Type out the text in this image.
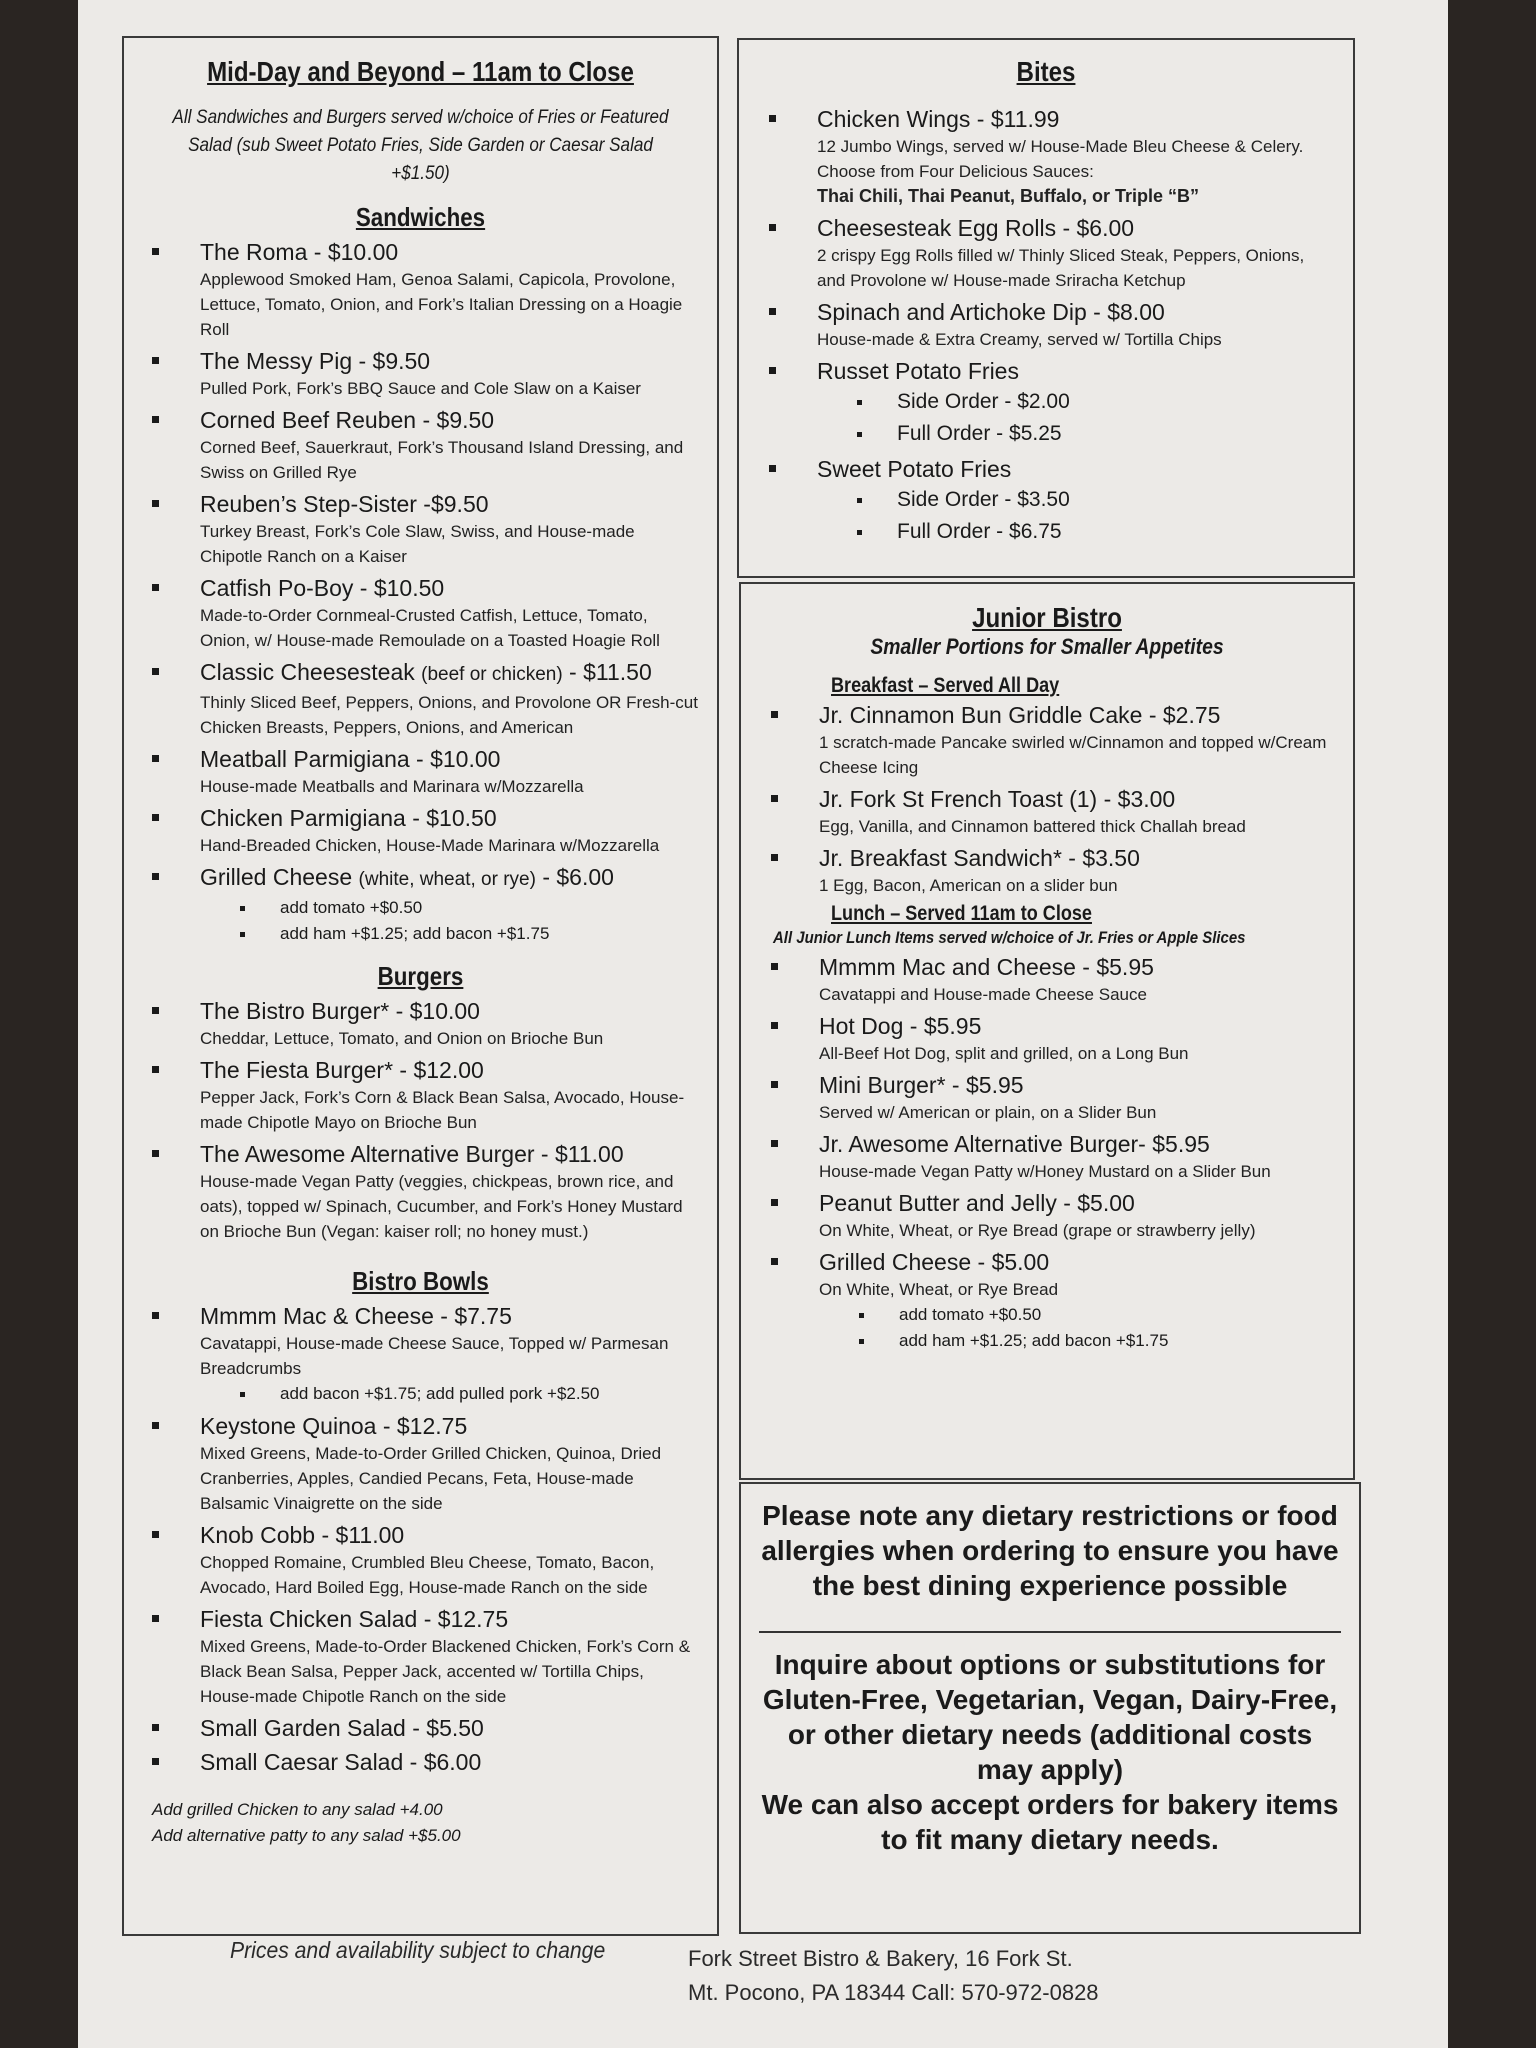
Mid-Day and Beyond – 11am to Close
All Sandwiches and Burgers served w/choice of Fries or Featured Salad (sub Sweet Potato Fries, Side Garden or Caesar Salad +$1.50)
Sandwiches
The Roma - $10.00
Applewood Smoked Ham, Genoa Salami, Capicola, Provolone, Lettuce, Tomato, Onion, and Fork’s Italian Dressing on a Hoagie Roll
The Messy Pig - $9.50
Pulled Pork, Fork’s BBQ Sauce and Cole Slaw on a Kaiser
Corned Beef Reuben - $9.50
Corned Beef, Sauerkraut, Fork’s Thousand Island Dressing, and Swiss on Grilled Rye
Reuben’s Step-Sister -$9.50
Turkey Breast, Fork’s Cole Slaw, Swiss, and House-made Chipotle Ranch on a Kaiser
Catfish Po-Boy - $10.50
Made-to-Order Cornmeal-Crusted Catfish, Lettuce, Tomato, Onion, w/ House-made Remoulade on a Toasted Hoagie Roll
Classic Cheesesteak (beef or chicken) - $11.50
Thinly Sliced Beef, Peppers, Onions, and Provolone OR Fresh-cut Chicken Breasts, Peppers, Onions, and American
Meatball Parmigiana - $10.00
House-made Meatballs and Marinara w/Mozzarella
Chicken Parmigiana - $10.50
Hand-Breaded Chicken, House-Made Marinara w/Mozzarella
Grilled Cheese (white, wheat, or rye) - $6.00
add tomato +$0.50
add ham +$1.25; add bacon +$1.75
Burgers
The Bistro Burger* - $10.00
Cheddar, Lettuce, Tomato, and Onion on Brioche Bun
The Fiesta Burger* - $12.00
Pepper Jack, Fork’s Corn & Black Bean Salsa, Avocado, House-made Chipotle Mayo on Brioche Bun
The Awesome Alternative Burger - $11.00
House-made Vegan Patty (veggies, chickpeas, brown rice, and oats), topped w/ Spinach, Cucumber, and Fork’s Honey Mustard on Brioche Bun (Vegan: kaiser roll; no honey must.)
Bistro Bowls
Mmmm Mac & Cheese - $7.75
Cavatappi, House-made Cheese Sauce, Topped w/ Parmesan Breadcrumbs
add bacon +$1.75; add pulled pork +$2.50
Keystone Quinoa - $12.75
Mixed Greens, Made-to-Order Grilled Chicken, Quinoa, Dried Cranberries, Apples, Candied Pecans, Feta, House-made Balsamic Vinaigrette on the side
Knob Cobb - $11.00
Chopped Romaine, Crumbled Bleu Cheese, Tomato, Bacon, Avocado, Hard Boiled Egg, House-made Ranch on the side
Fiesta Chicken Salad - $12.75
Mixed Greens, Made-to-Order Blackened Chicken, Fork’s Corn & Black Bean Salsa, Pepper Jack, accented w/ Tortilla Chips, House-made Chipotle Ranch on the side
Small Garden Salad - $5.50
Small Caesar Salad - $6.00
Add grilled Chicken to any salad +4.00
Add alternative patty to any salad +$5.00
Bites
Chicken Wings - $11.99
12 Jumbo Wings, served w/ House-Made Bleu Cheese & Celery. Choose from Four Delicious Sauces:
Thai Chili, Thai Peanut, Buffalo, or Triple “B”
Cheesesteak Egg Rolls - $6.00
2 crispy Egg Rolls filled w/ Thinly Sliced Steak, Peppers, Onions, and Provolone w/ House-made Sriracha Ketchup
Spinach and Artichoke Dip - $8.00
House-made & Extra Creamy, served w/ Tortilla Chips
Russet Potato Fries
Side Order - $2.00
Full Order - $5.25
Sweet Potato Fries
Side Order - $3.50
Full Order - $6.75
Junior Bistro
Smaller Portions for Smaller Appetites
Breakfast – Served All Day
Jr. Cinnamon Bun Griddle Cake - $2.75
1 scratch-made Pancake swirled w/Cinnamon and topped w/Cream Cheese Icing
Jr. Fork St French Toast (1) - $3.00
Egg, Vanilla, and Cinnamon battered thick Challah bread
Jr. Breakfast Sandwich* - $3.50
1 Egg, Bacon, American on a slider bun
Lunch – Served 11am to Close
All Junior Lunch Items served w/choice of Jr. Fries or Apple Slices
Mmmm Mac and Cheese - $5.95
Cavatappi and House-made Cheese Sauce
Hot Dog - $5.95
All-Beef Hot Dog, split and grilled, on a Long Bun
Mini Burger* - $5.95
Served w/ American or plain, on a Slider Bun
Jr. Awesome Alternative Burger- $5.95
House-made Vegan Patty w/Honey Mustard on a Slider Bun
Peanut Butter and Jelly - $5.00
On White, Wheat, or Rye Bread (grape or strawberry jelly)
Grilled Cheese - $5.00
On White, Wheat, or Rye Bread
add tomato +$0.50
add ham +$1.25; add bacon +$1.75
Please note any dietary restrictions or food allergies when ordering to ensure you have the best dining experience possible
Inquire about options or substitutions for Gluten-Free, Vegetarian, Vegan, Dairy-Free, or other dietary needs (additional costs may apply)
We can also accept orders for bakery items to fit many dietary needs.
Prices and availability subject to change	Fork Street Bistro & Bakery, 16 Fork St.
Mt. Pocono, PA 18344 Call: 570-972-0828
